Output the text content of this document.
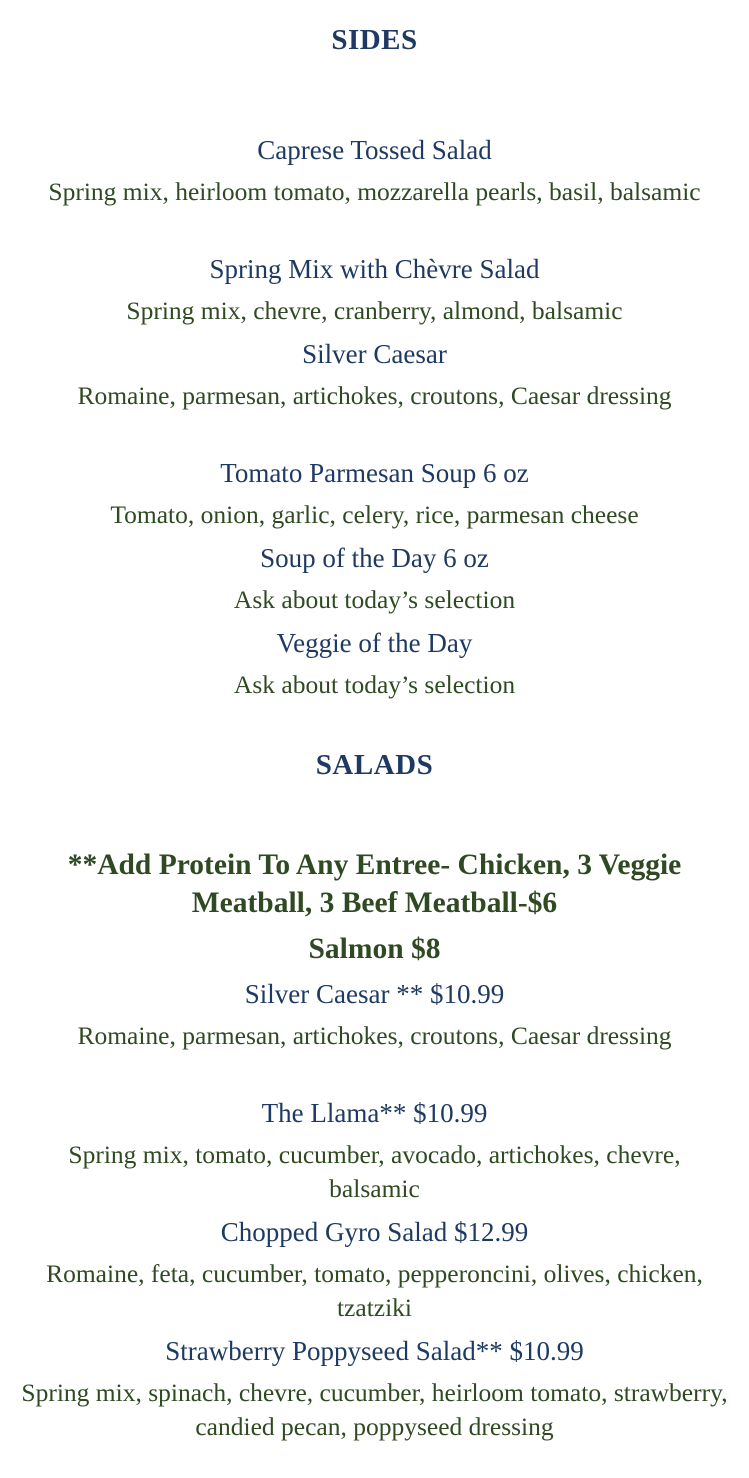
SIDES
Caprese Tossed Salad
Spring mix, heirloom tomato, mozzarella pearls, basil, balsamic
Spring Mix with Chèvre Salad
Spring mix, chevre, cranberry, almond, balsamic
Silver Caesar
Romaine, parmesan, artichokes, croutons, Caesar dressing
Tomato Parmesan Soup 6 oz
Tomato, onion, garlic, celery, rice, parmesan cheese
Soup of the Day 6 oz
Ask about today’s selection
Veggie of the Day
Ask about today’s selection
SALADS
**Add Protein To Any Entree- Chicken, 3 Veggie Meatball, 3 Beef Meatball-$6
Salmon $8
Silver Caesar ** $10.99
Romaine, parmesan, artichokes, croutons, Caesar dressing
The Llama** $10.99
Spring mix, tomato, cucumber, avocado, artichokes, chevre, balsamic
Chopped Gyro Salad $12.99
Romaine, feta, cucumber, tomato, pepperoncini, olives, chicken, tzatziki
Strawberry Poppyseed Salad** $10.99
Spring mix, spinach, chevre, cucumber, heirloom tomato, strawberry, candied pecan, poppyseed dressing
